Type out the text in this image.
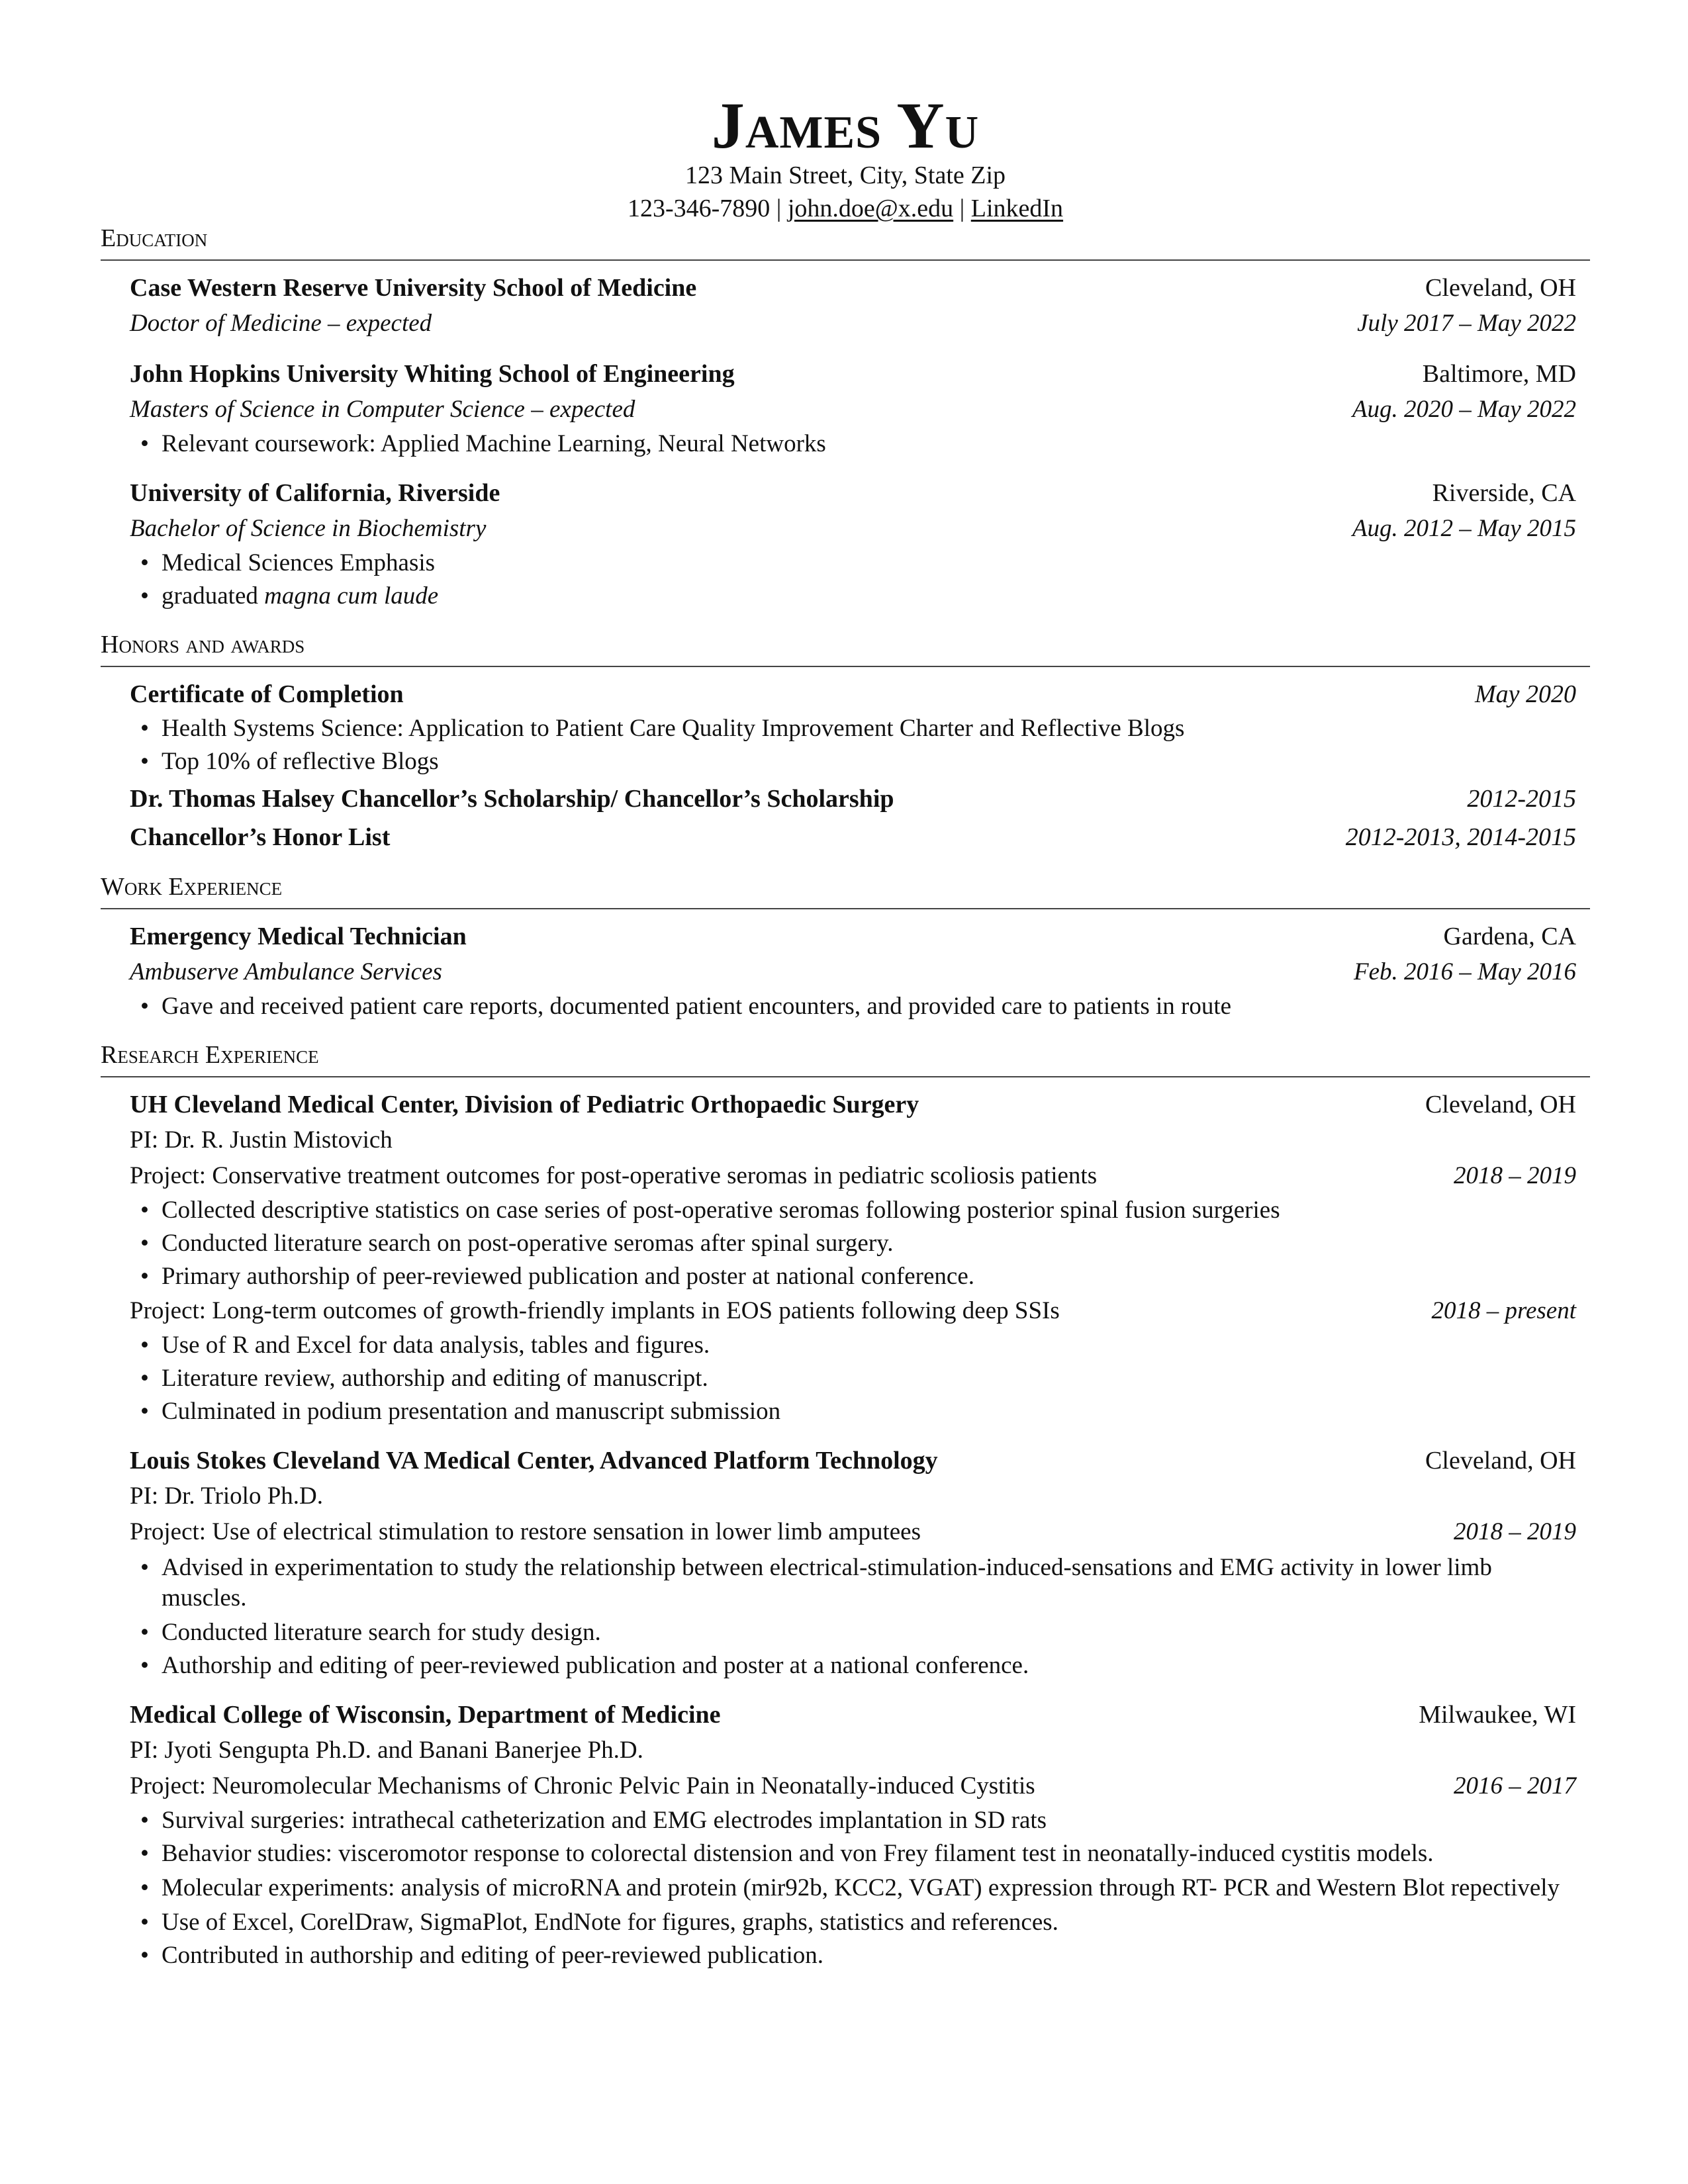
James Yu
123 Main Street, City, State Zip
123-346-7890 | john.doe@x.edu | LinkedIn
Education
Case Western Reserve University School of Medicine	Cleveland, OH
Doctor of Medicine – expected	July 2017 – May 2022
John Hopkins University Whiting School of Engineering	Baltimore, MD
Masters of Science in Computer Science – expected	Aug. 2020 – May 2022
• Relevant coursework: Applied Machine Learning, Neural Networks
University of California, Riverside	Riverside, CA
Bachelor of Science in Biochemistry	Aug. 2012 – May 2015
• Medical Sciences Emphasis
• graduated magna cum laude
Honors and awards
Certificate of Completion	May 2020
• Health Systems Science: Application to Patient Care Quality Improvement Charter and Reflective Blogs
• Top 10% of reflective Blogs
Dr. Thomas Halsey Chancellor’s Scholarship/ Chancellor’s Scholarship	2012-2015
Chancellor’s Honor List	2012-2013, 2014-2015
Work Experience
Emergency Medical Technician	Gardena, CA
Ambuserve Ambulance Services	Feb. 2016 – May 2016
• Gave and received patient care reports, documented patient encounters, and provided care to patients in route
Research Experience
UH Cleveland Medical Center, Division of Pediatric Orthopaedic Surgery	Cleveland, OH
PI: Dr. R. Justin Mistovich
Project: Conservative treatment outcomes for post-operative seromas in pediatric scoliosis patients	2018 – 2019
• Collected descriptive statistics on case series of post-operative seromas following posterior spinal fusion surgeries
• Conducted literature search on post-operative seromas after spinal surgery.
• Primary authorship of peer-reviewed publication and poster at national conference.
Project: Long-term outcomes of growth-friendly implants in EOS patients following deep SSIs	2018 – present
• Use of R and Excel for data analysis, tables and figures.
• Literature review, authorship and editing of manuscript.
• Culminated in podium presentation and manuscript submission
Louis Stokes Cleveland VA Medical Center, Advanced Platform Technology	Cleveland, OH
PI: Dr. Triolo Ph.D.
Project: Use of electrical stimulation to restore sensation in lower limb amputees	2018 – 2019
• Advised in experimentation to study the relationship between electrical-stimulation-induced-sensations and EMG activity in lower limb muscles.
• Conducted literature search for study design.
• Authorship and editing of peer-reviewed publication and poster at a national conference.
Medical College of Wisconsin, Department of Medicine	Milwaukee, WI
PI: Jyoti Sengupta Ph.D. and Banani Banerjee Ph.D.
Project: Neuromolecular Mechanisms of Chronic Pelvic Pain in Neonatally-induced Cystitis	2016 – 2017
• Survival surgeries: intrathecal catheterization and EMG electrodes implantation in SD rats
• Behavior studies: visceromotor response to colorectal distension and von Frey filament test in neonatally-induced cystitis models.
• Molecular experiments: analysis of microRNA and protein (mir92b, KCC2, VGAT) expression through RT- PCR and Western Blot repectively
• Use of Excel, CorelDraw, SigmaPlot, EndNote for figures, graphs, statistics and references.
• Contributed in authorship and editing of peer-reviewed publication.
